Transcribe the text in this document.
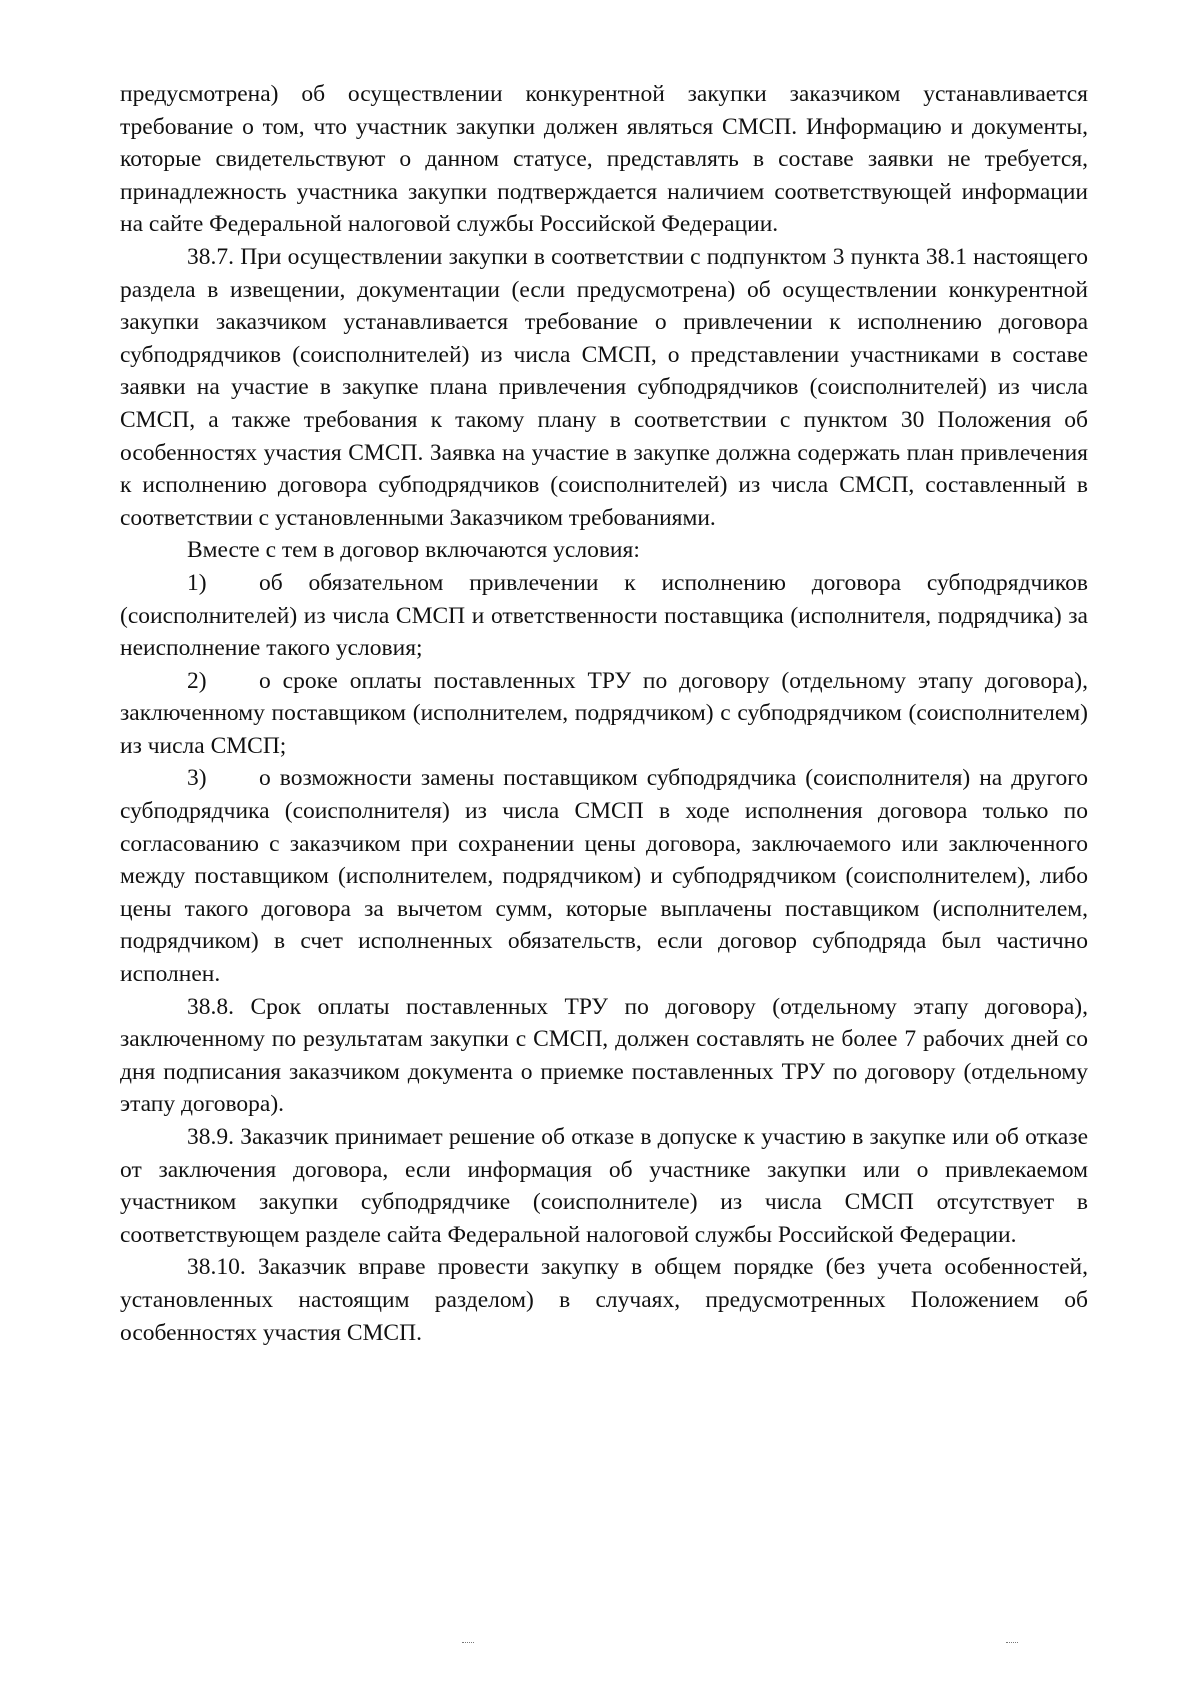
предусмотрена) об осуществлении конкурентной закупки заказчиком устанавливается требование о том, что участник закупки должен являться СМСП. Информацию и документы, которые свидетельствуют о данном статусе, представлять в составе заявки не требуется, принадлежность участника закупки подтверждается наличием соответствующей информации на сайте Федеральной налоговой службы Российской Федерации.

38.7. При осуществлении закупки в соответствии с подпунктом 3 пункта 38.1 настоящего раздела в извещении, документации (если предусмотрена) об осуществлении конкурентной закупки заказчиком устанавливается требование о привлечении к исполнению договора субподрядчиков (соисполнителей) из числа СМСП, о представлении участниками в составе заявки на участие в закупке плана привлечения субподрядчиков (соисполнителей) из числа СМСП, а также требования к такому плану в соответствии с пунктом 30 Положения об особенностях участия СМСП. Заявка на участие в закупке должна содержать план привлечения к исполнению договора субподрядчиков (соисполнителей) из числа СМСП, составленный в соответствии с установленными Заказчиком требованиями.

Вместе с тем в договор включаются условия:

1) об обязательном привлечении к исполнению договора субподрядчиков (соисполнителей) из числа СМСП и ответственности поставщика (исполнителя, подрядчика) за неисполнение такого условия;

2) о сроке оплаты поставленных ТРУ по договору (отдельному этапу договора), заключенному поставщиком (исполнителем, подрядчиком) с субподрядчиком (соисполнителем) из числа СМСП;

3) о возможности замены поставщиком субподрядчика (соисполнителя) на другого субподрядчика (соисполнителя) из числа СМСП в ходе исполнения договора только по согласованию с заказчиком при сохранении цены договора, заключаемого или заключенного между поставщиком (исполнителем, подрядчиком) и субподрядчиком (соисполнителем), либо цены такого договора за вычетом сумм, которые выплачены поставщиком (исполнителем, подрядчиком) в счет исполненных обязательств, если договор субподряда был частично исполнен.

38.8. Срок оплаты поставленных ТРУ по договору (отдельному этапу договора), заключенному по результатам закупки с СМСП, должен составлять не более 7 рабочих дней со дня подписания заказчиком документа о приемке поставленных ТРУ по договору (отдельному этапу договора).

38.9. Заказчик принимает решение об отказе в допуске к участию в закупке или об отказе от заключения договора, если информация об участнике закупки или о привлекаемом участником закупки субподрядчике (соисполнителе) из числа СМСП отсутствует в соответствующем разделе сайта Федеральной налоговой службы Российской Федерации.

38.10. Заказчик вправе провести закупку в общем порядке (без учета особенностей, установленных настоящим разделом) в случаях, предусмотренных Положением об особенностях участия СМСП.
